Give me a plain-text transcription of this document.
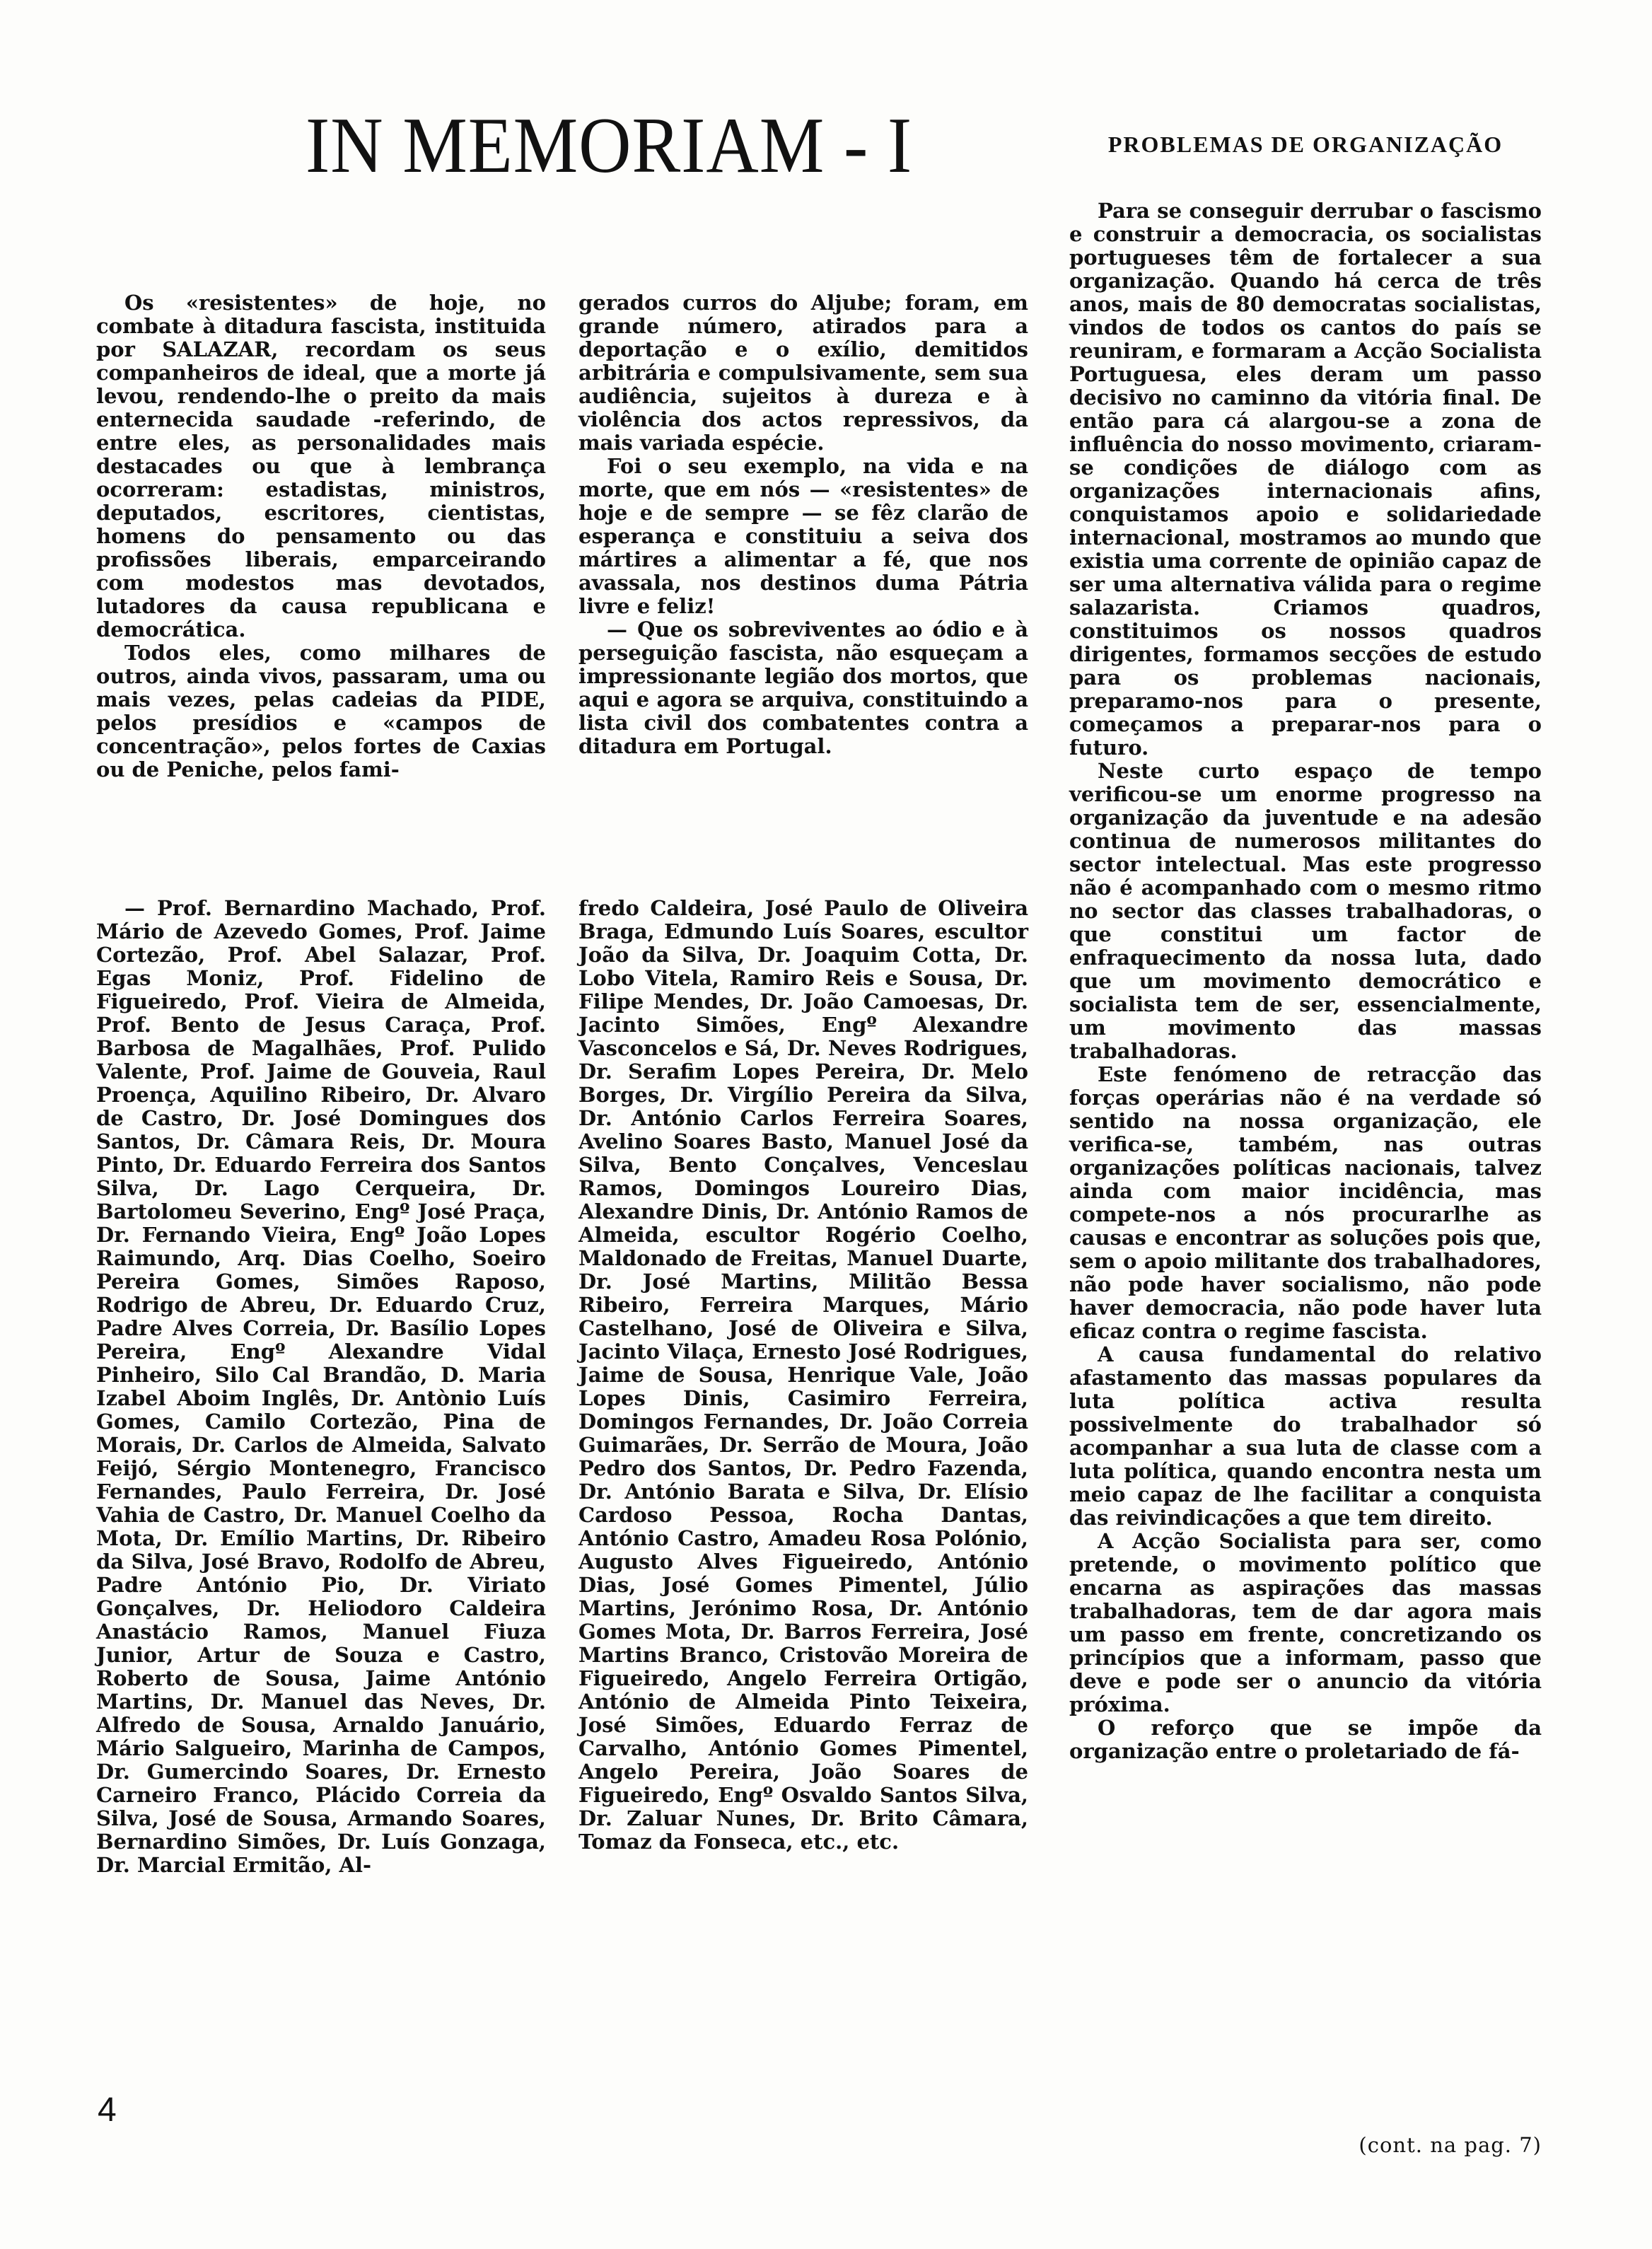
IN MEMORIAM - I	PROBLEMAS DE ORGANIZAÇÃO

Os «resistentes» de hoje, no combate à ditadura fascista, instituida por SALAZAR, recordam os seus companheiros de ideal, que a morte já levou, rendendo-lhe o preito da mais enternecida saudade -referindo, de entre eles, as personalidades mais destacades ou que à lembrança ocorreram: estadistas, ministros, deputados, escritores, cientistas, homens do pensamento ou das profissões liberais, emparceirando com modestos mas devotados, lutadores da causa republicana e democrática.

Todos eles, como milhares de outros, ainda vivos, passaram, uma ou mais vezes, pelas cadeias da PIDE, pelos presídios e «campos de concentração», pelos fortes de Caxias ou de Peniche, pelos fami-

gerados curros do Aljube; foram, em grande número, atirados para a deportação e o exílio, demitidos arbitrária e compulsivamente, sem sua audiência, sujeitos à dureza e à violência dos actos repressivos, da mais variada espécie.

Foi o seu exemplo, na vida e na morte, que em nós — «resistentes» de hoje e de sempre — se fêz clarão de esperança e constituiu a seiva dos mártires a alimentar a fé, que nos avassala, nos destinos duma Pátria livre e feliz!

— Que os sobreviventes ao ódio e à perseguição fascista, não esqueçam a impressionante legião dos mortos, que aqui e agora se arquiva, constituindo a lista civil dos combatentes contra a ditadura em Portugal.

— Prof. Bernardino Machado, Prof. Mário de Azevedo Gomes, Prof. Jaime Cortezão, Prof. Abel Salazar, Prof. Egas Moniz, Prof. Fidelino de Figueiredo, Prof. Vieira de Almeida, Prof. Bento de Jesus Caraça, Prof. Barbosa de Magalhães, Prof. Pulido Valente, Prof. Jaime de Gouveia, Raul Proença, Aquilino Ribeiro, Dr. Alvaro de Castro, Dr. José Domingues dos Santos, Dr. Câmara Reis, Dr. Moura Pinto, Dr. Eduardo Ferreira dos Santos Silva, Dr. Lago Cerqueira, Dr. Bartolomeu Severino, Engº José Praça, Dr. Fernando Vieira, Engº João Lopes Raimundo, Arq. Dias Coelho, Soeiro Pereira Gomes, Simões Raposo, Rodrigo de Abreu, Dr. Eduardo Cruz, Padre Alves Correia, Dr. Basílio Lopes Pereira, Engº Alexandre Vidal Pinheiro, Silo Cal Brandão, D. Maria Izabel Aboim Inglês, Dr. Antònio Luís Gomes, Camilo Cortezão, Pina de Morais, Dr. Carlos de Almeida, Salvato Feijó, Sérgio Montenegro, Francisco Fernandes, Paulo Ferreira, Dr. José Vahia de Castro, Dr. Manuel Coelho da Mota, Dr. Emílio Martins, Dr. Ribeiro da Silva, José Bravo, Rodolfo de Abreu, Padre António Pio, Dr. Viriato Gonçalves, Dr. Heliodoro Caldeira Anastácio Ramos, Manuel Fiuza Junior, Artur de Souza e Castro, Roberto de Sousa, Jaime António Martins, Dr. Manuel das Neves, Dr. Alfredo de Sousa, Arnaldo Januário, Mário Salgueiro, Marinha de Campos, Dr. Gumercindo Soares, Dr. Ernesto Carneiro Franco, Plácido Correia da Silva, José de Sousa, Armando Soares, Bernardino Simões, Dr. Luís Gonzaga, Dr. Marcial Ermitão, Al-

fredo Caldeira, José Paulo de Oliveira Braga, Edmundo Luís Soares, escultor João da Silva, Dr. Joaquim Cotta, Dr. Lobo Vitela, Ramiro Reis e Sousa, Dr. Filipe Mendes, Dr. João Camoesas, Dr. Jacinto Simões, Engº Alexandre Vasconcelos e Sá, Dr. Neves Rodrigues, Dr. Serafim Lopes Pereira, Dr. Melo Borges, Dr. Virgílio Pereira da Silva, Dr. António Carlos Ferreira Soares, Avelino Soares Basto, Manuel José da Silva, Bento Conçalves, Venceslau Ramos, Domingos Loureiro Dias, Alexandre Dinis, Dr. António Ramos de Almeida, escultor Rogério Coelho, Maldonado de Freitas, Manuel Duarte, Dr. José Martins, Militão Bessa Ribeiro, Ferreira Marques, Mário Castelhano, José de Oliveira e Silva, Jacinto Vilaça, Ernesto José Rodrigues, Jaime de Sousa, Henrique Vale, João Lopes Dinis, Casimiro Ferreira, Domingos Fernandes, Dr. João Correia Guimarães, Dr. Serrão de Moura, João Pedro dos Santos, Dr. Pedro Fazenda, Dr. António Barata e Silva, Dr. Elísio Cardoso Pessoa, Rocha Dantas, António Castro, Amadeu Rosa Polónio, Augusto Alves Figueiredo, António Dias, José Gomes Pimentel, Júlio Martins, Jerónimo Rosa, Dr. António Gomes Mota, Dr. Barros Ferreira, José Martins Branco, Cristovão Moreira de Figueiredo, Angelo Ferreira Ortigão, António de Almeida Pinto Teixeira, José Simões, Eduardo Ferraz de Carvalho, António Gomes Pimentel, Angelo Pereira, João Soares de Figueiredo, Engº Osvaldo Santos Silva, Dr. Zaluar Nunes, Dr. Brito Câmara, Tomaz da Fonseca, etc., etc.

Para se conseguir derrubar o fascismo e construir a democracia, os socialistas portugueses têm de fortalecer a sua organização. Quando há cerca de três anos, mais de 80 democratas socialistas, vindos de todos os cantos do país se reuniram, e formaram a Acção Socialista Portuguesa, eles deram um passo decisivo no caminno da vitória final. De então para cá alargou-se a zona de influência do nosso movimento, criaram-se condições de diálogo com as organizações internacionais afins, conquistamos apoio e solidariedade internacional, mostramos ao mundo que existia uma corrente de opinião capaz de ser uma alternativa válida para o regime salazarista. Criamos quadros, constituimos os nossos quadros dirigentes, formamos secções de estudo para os problemas nacionais, preparamo-nos para o presente, começamos a preparar-nos para o futuro.

Neste curto espaço de tempo verificou-se um enorme progresso na organização da juventude e na adesão continua de numerosos militantes do sector intelectual. Mas este progresso não é acompanhado com o mesmo ritmo no sector das classes trabalhadoras, o que constitui um factor de enfraquecimento da nossa luta, dado que um movimento democrático e socialista tem de ser, essencialmente, um movimento das massas trabalhadoras.

Este fenómeno de retracção das forças operárias não é na verdade só sentido na nossa organização, ele verifica-se, também, nas outras organizações políticas nacionais, talvez ainda com maior incidência, mas compete-nos a nós procurarlhe as causas e encontrar as soluções pois que, sem o apoio militante dos trabalhadores, não pode haver socialismo, não pode haver democracia, não pode haver luta eficaz contra o regime fascista.

A causa fundamental do relativo afastamento das massas populares da luta política activa resulta possivelmente do trabalhador só acompanhar a sua luta de classe com a luta política, quando encontra nesta um meio capaz de lhe facilitar a conquista das reivindicações a que tem direito.

A Acção Socialista para ser, como pretende, o movimento político que encarna as aspirações das massas trabalhadoras, tem de dar agora mais um passo em frente, concretizando os princípios que a informam, passo que deve e pode ser o anuncio da vitória próxima.

O reforço que se impõe da organização entre o proletariado de fá-

(cont. na pag. 7)
4
